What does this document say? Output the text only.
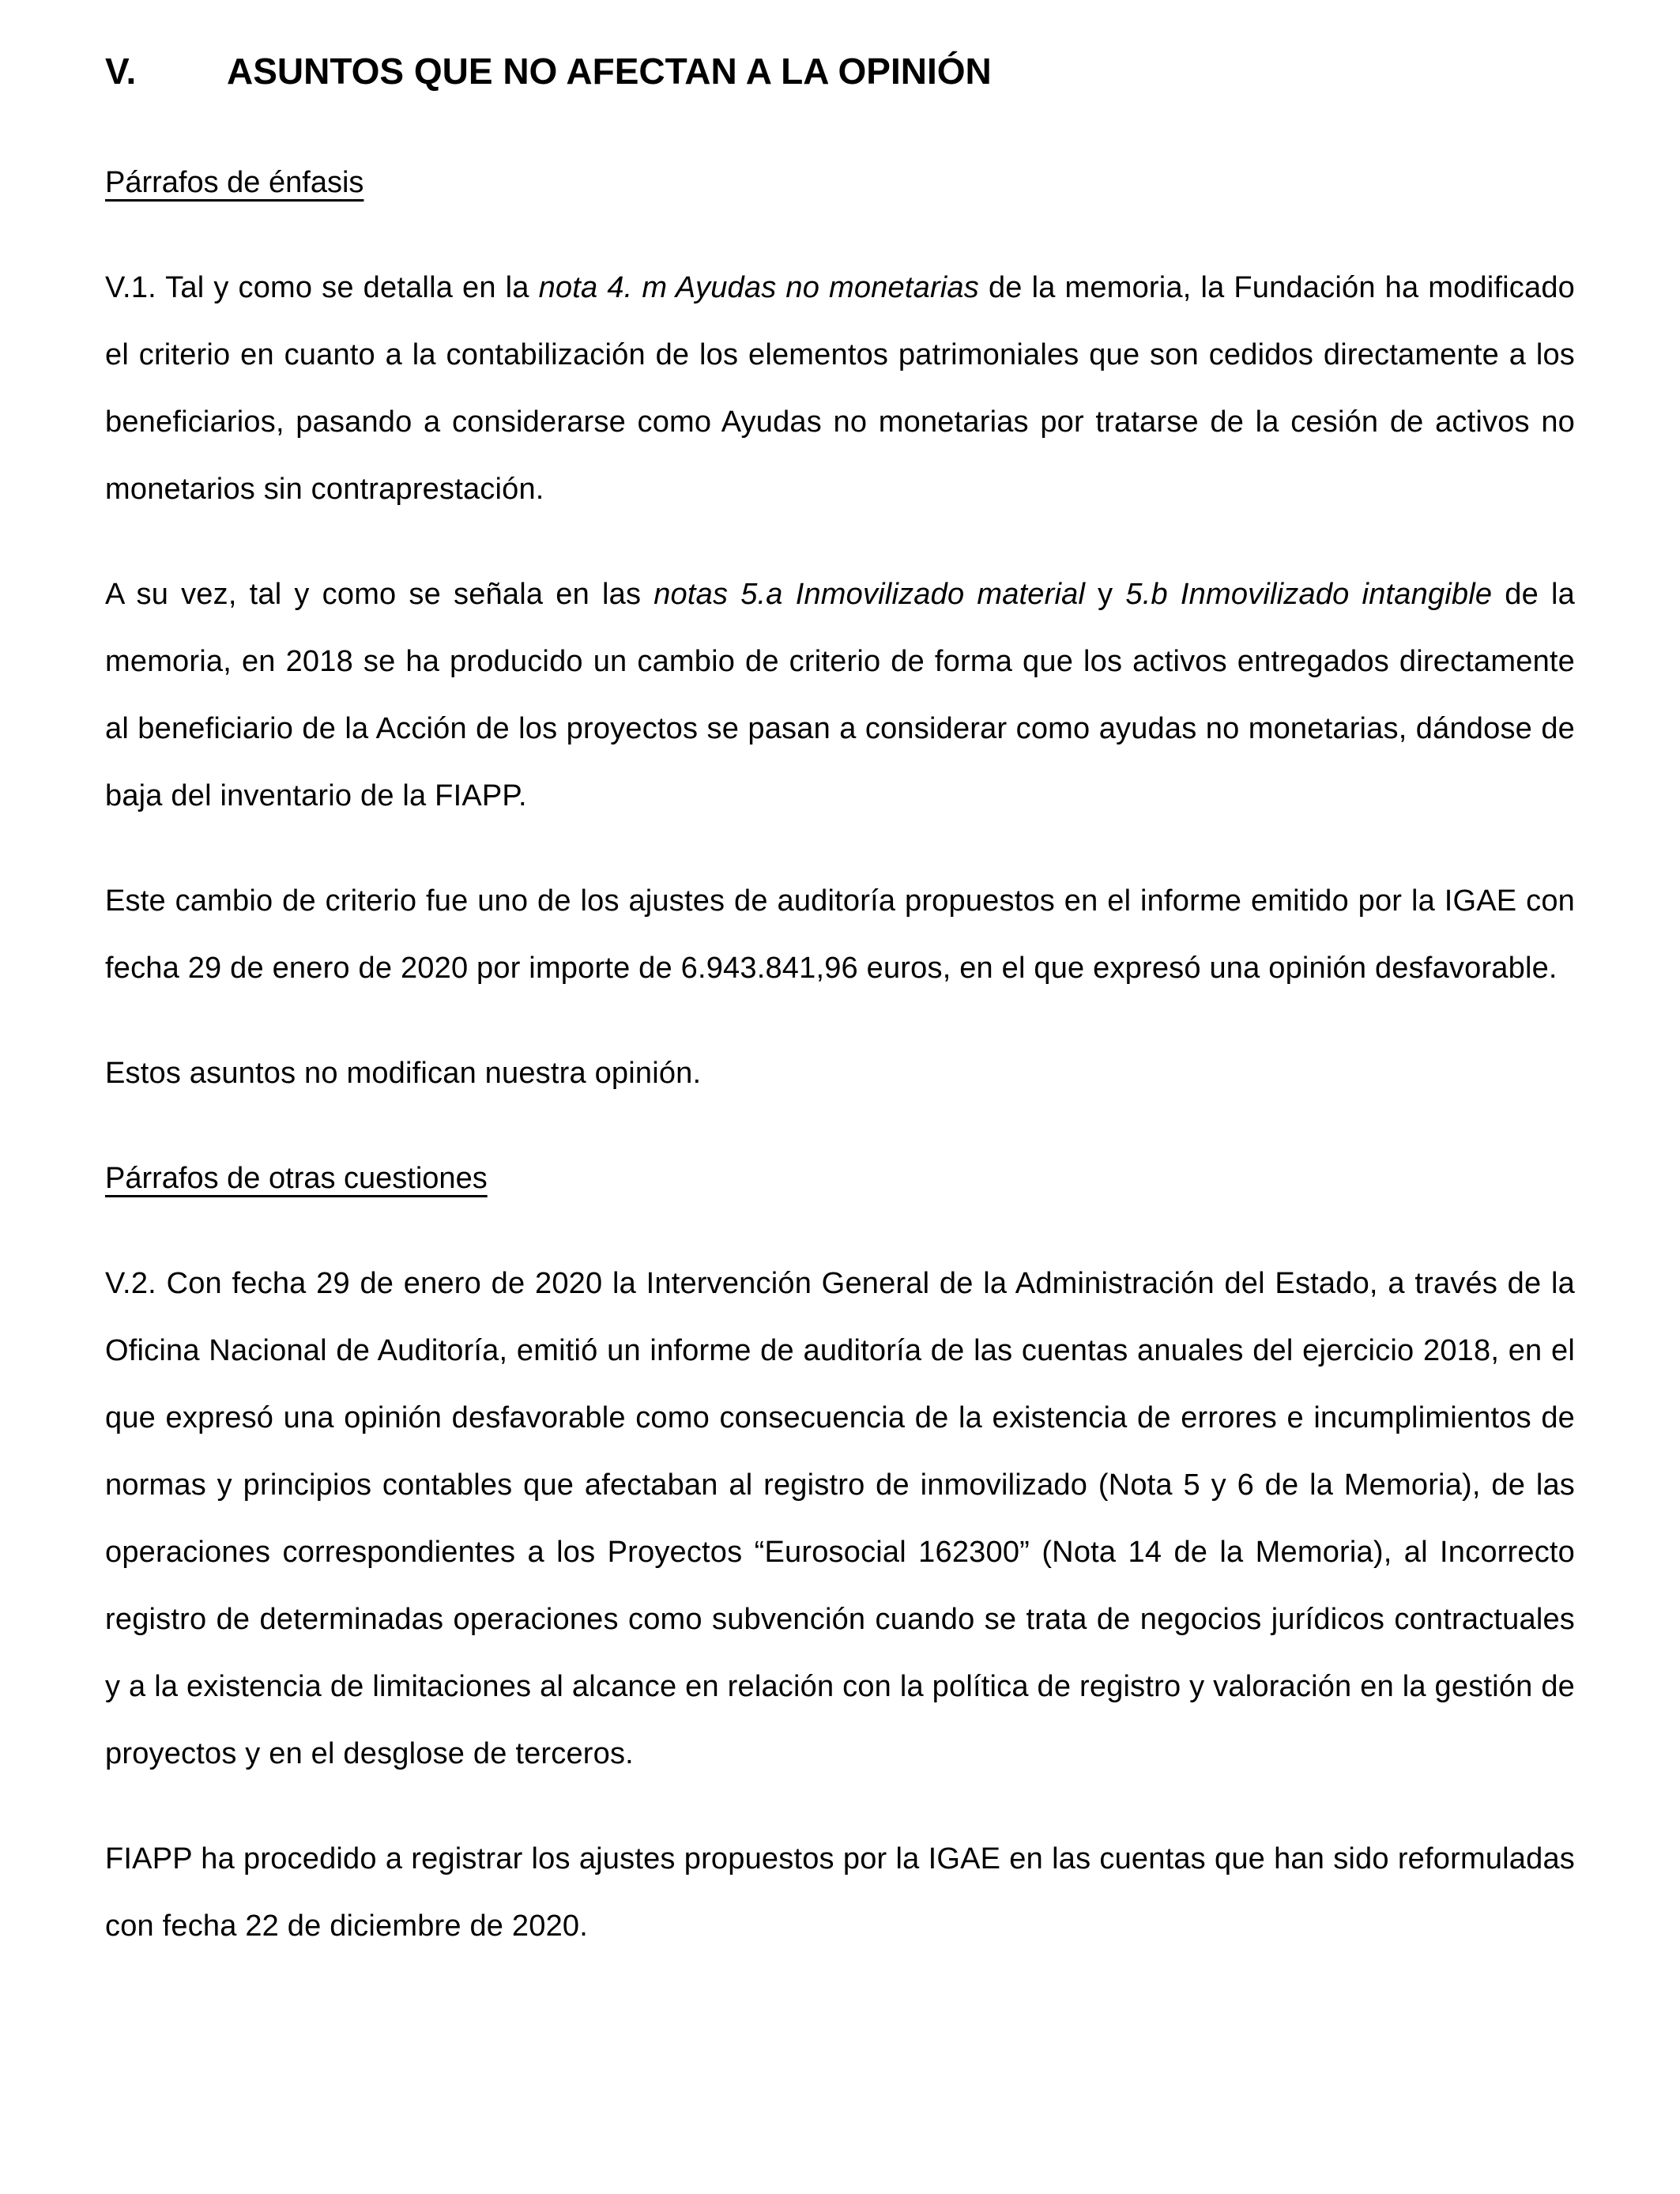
V.	ASUNTOS QUE NO AFECTAN A LA OPINIÓN
Párrafos de énfasis

V.1. Tal y como se detalla en la nota 4. m Ayudas no monetarias de la memoria, la Fundación ha modificado el criterio en cuanto a la contabilización de los elementos patrimoniales que son cedidos directamente a los beneficiarios, pasando a considerarse como Ayudas no monetarias por tratarse de la cesión de activos no monetarios sin contraprestación.

A su vez, tal y como se señala en las notas 5.a Inmovilizado material y 5.b Inmovilizado intangible de la memoria, en 2018 se ha producido un cambio de criterio de forma que los activos entregados directamente al beneficiario de la Acción de los proyectos se pasan a considerar como ayudas no monetarias, dándose de baja del inventario de la FIAPP.

Este cambio de criterio fue uno de los ajustes de auditoría propuestos en el informe emitido por la IGAE con fecha 29 de enero de 2020 por importe de 6.943.841,96 euros, en el que expresó una opinión desfavorable.

Estos asuntos no modifican nuestra opinión.

Párrafos de otras cuestiones

V.2. Con fecha 29 de enero de 2020 la Intervención General de la Administración del Estado, a través de la Oficina Nacional de Auditoría, emitió un informe de auditoría de las cuentas anuales del ejercicio 2018, en el que expresó una opinión desfavorable como consecuencia de la existencia de errores e incumplimientos de normas y principios contables que afectaban al registro de inmovilizado (Nota 5 y 6 de la Memoria), de las operaciones correspondientes a los Proyectos “Eurosocial 162300” (Nota 14 de la Memoria), al Incorrecto registro de determinadas operaciones como subvención cuando se trata de negocios jurídicos contractuales y a la existencia de limitaciones al alcance en relación con la política de registro y valoración en la gestión de proyectos y en el desglose de terceros.

FIAPP ha procedido a registrar los ajustes propuestos por la IGAE en las cuentas que han sido reformuladas con fecha 22 de diciembre de 2020.
